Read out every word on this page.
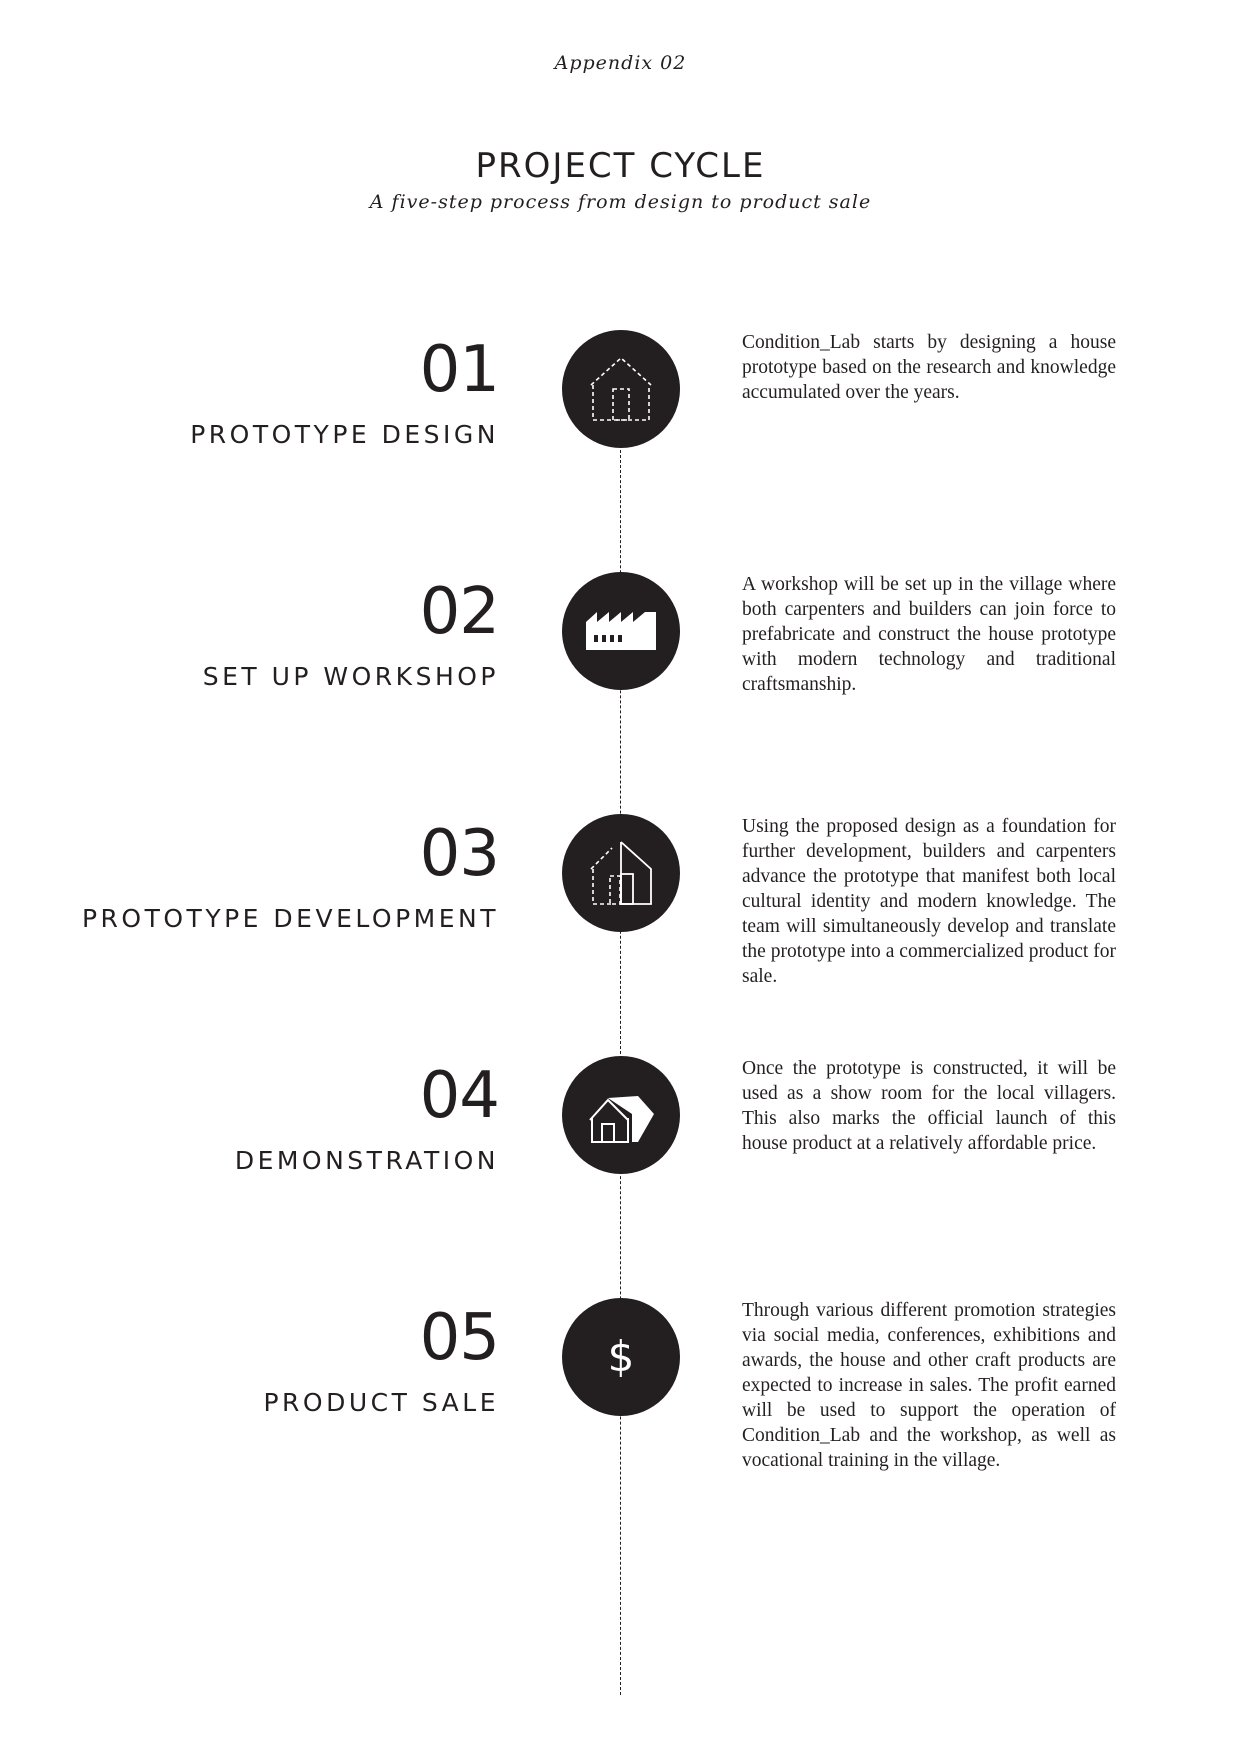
Appendix 02
PROJECT CYCLE
A five-step process from design to product sale
01
PROTOTYPE DESIGN
Condition_Lab starts by designing a house prototype based on the research and knowledge accumulated over the years.
02
SET UP WORKSHOP
A workshop will be set up in the village where both carpenters and builders can join force to prefabricate and construct the house prototype with modern technology and traditional craftsmanship.
03
PROTOTYPE DEVELOPMENT
Using the proposed design as a foundation for further development, builders and carpenters advance the prototype that manifest both local cultural identity and modern knowledge. The team will simultaneously develop and translate the prototype into a commercialized product for sale.
04
DEMONSTRATION
Once the prototype is constructed, it will be used as a show room for the local villagers. This also marks the official launch of this house product at a relatively affordable price.
05
PRODUCT SALE
$
Through various different promotion strategies via social media, conferences, exhibitions and awards, the house and other craft products are expected to increase in sales. The profit earned will be used to support the operation of Condition_Lab and the workshop, as well as vocational training in the village.
